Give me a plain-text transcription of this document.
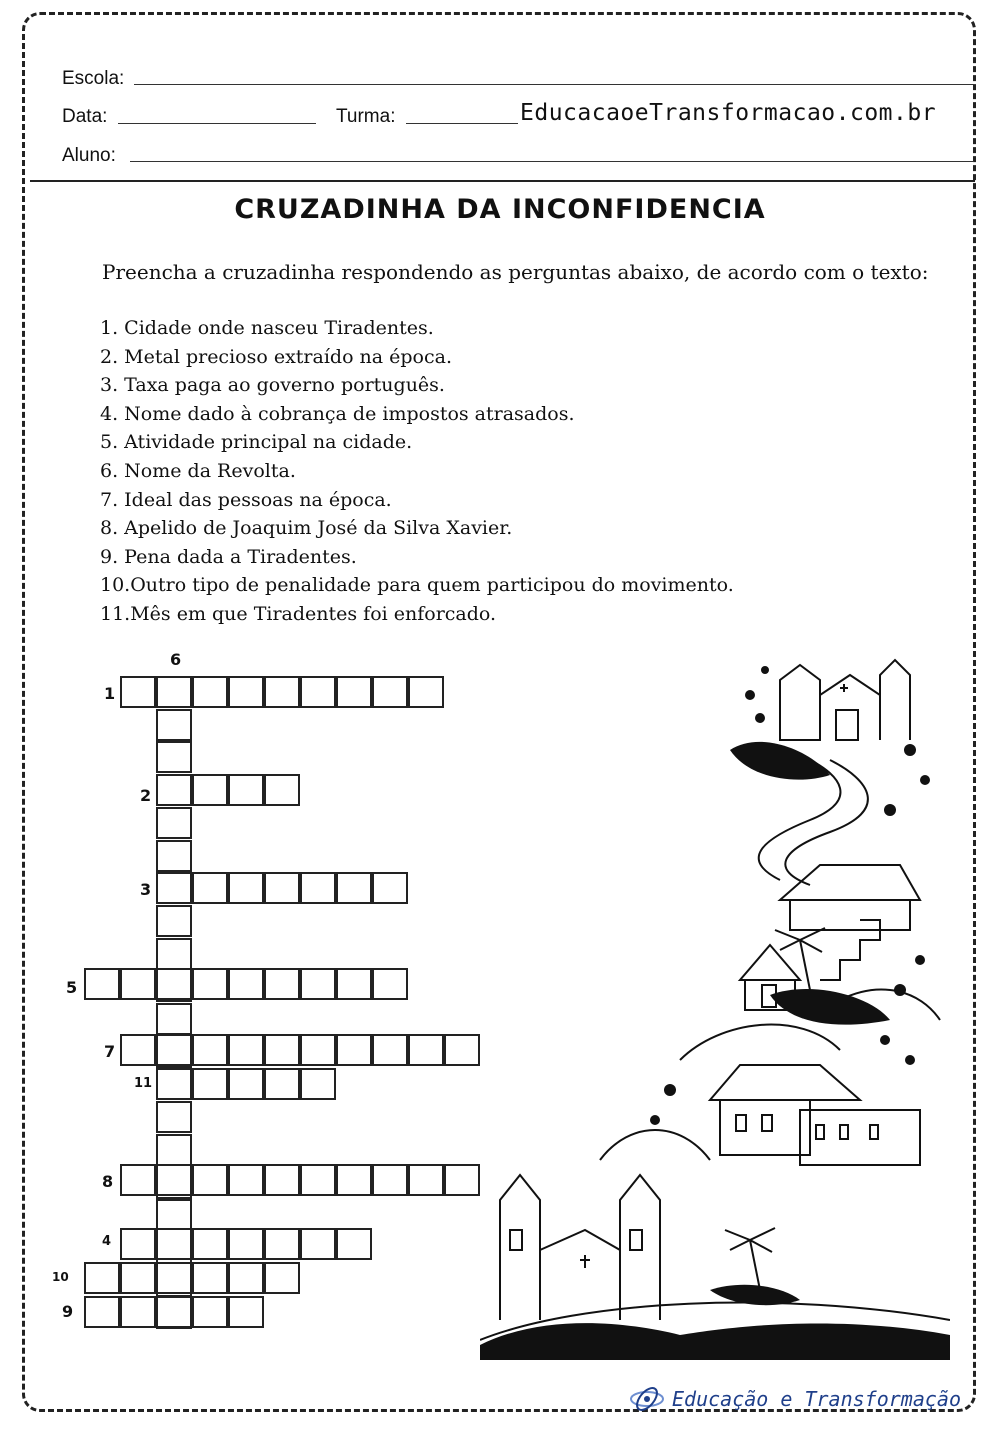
Escola:
Data:	Turma:	EducacaoeTransformacao.com.br
Aluno:
CRUZADINHA DA INCONFIDENCIA

Preencha a cruzadinha respondendo as perguntas abaixo, de acordo com o texto:

1. Cidade onde nasceu Tiradentes.
2. Metal precioso extraído na época.
3. Taxa paga ao governo português.
4. Nome dado à cobrança de impostos atrasados.
5. Atividade principal na cidade.
6. Nome da Revolta.
7. Ideal das pessoas na época.
8. Apelido de Joaquim José da Silva Xavier.
9. Pena dada a Tiradentes.
10.Outro tipo de penalidade para quem participou do movimento.
11.Mês em que Tiradentes foi enforcado.
6
1
2
3
5
7
11
8
4
10
9
Educação e Transformação
